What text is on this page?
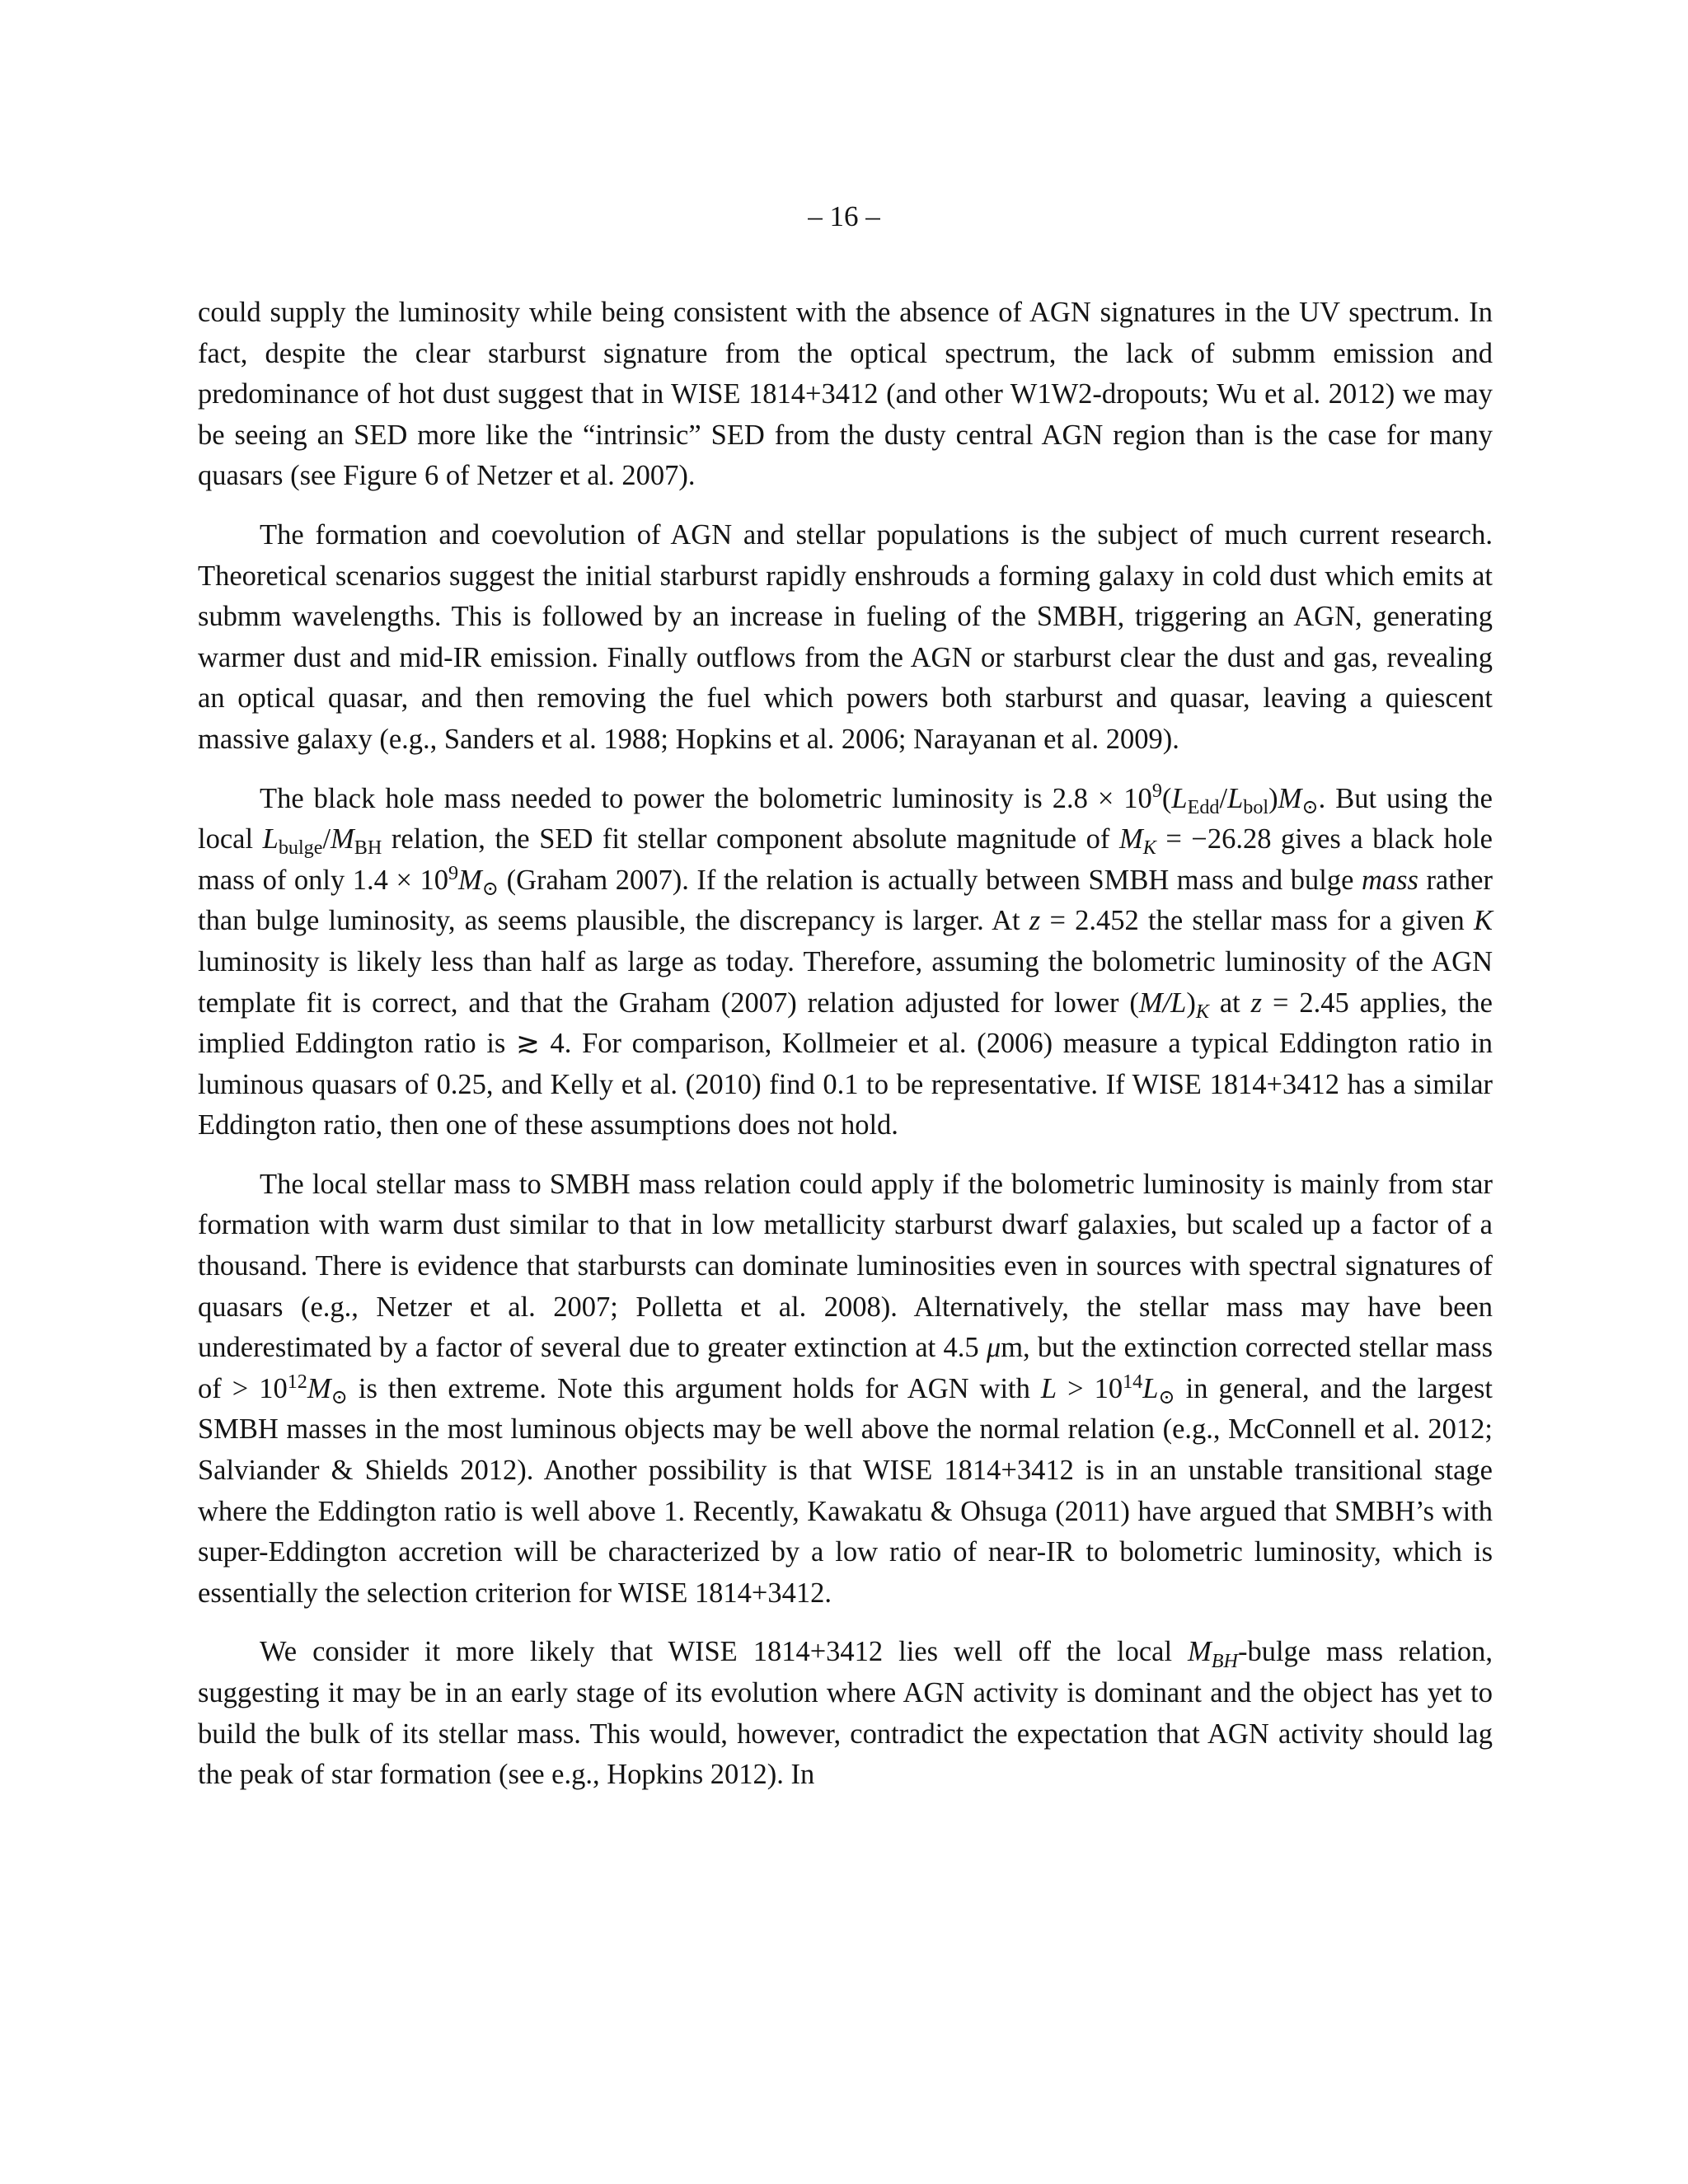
– 16 –

could supply the luminosity while being consistent with the absence of AGN signatures in the UV spectrum. In fact, despite the clear starburst signature from the optical spectrum, the lack of submm emission and predominance of hot dust suggest that in WISE 1814+3412 (and other W1W2-dropouts; Wu et al. 2012) we may be seeing an SED more like the “intrinsic” SED from the dusty central AGN region than is the case for many quasars (see Figure 6 of Netzer et al. 2007).

The formation and coevolution of AGN and stellar populations is the subject of much current research. Theoretical scenarios suggest the initial starburst rapidly enshrouds a forming galaxy in cold dust which emits at submm wavelengths. This is followed by an increase in fueling of the SMBH, triggering an AGN, generating warmer dust and mid-IR emission. Finally outflows from the AGN or starburst clear the dust and gas, revealing an optical quasar, and then removing the fuel which powers both starburst and quasar, leaving a quiescent massive galaxy (e.g., Sanders et al. 1988; Hopkins et al. 2006; Narayanan et al. 2009).

The black hole mass needed to power the bolometric luminosity is $2.8 \times 10^9(L_{Edd}/L_{bol})M_⊙$. But using the local $L_{bulge}/M_{BH}$ relation, the SED fit stellar component absolute magnitude of $M_K = -26.28$ gives a black hole mass of only $1.4 \times 10^9M_⊙$ (Graham 2007). If the relation is actually between SMBH mass and bulge mass rather than bulge luminosity, as seems plausible, the discrepancy is larger. At z = 2.452 the stellar mass for a given K luminosity is likely less than half as large as today. Therefore, assuming the bolometric luminosity of the AGN template fit is correct, and that the Graham (2007) relation adjusted for lower $(M/L)_K$ at z = 2.45 applies, the implied Eddington ratio is ≳ 4. For comparison, Kollmeier et al. (2006) measure a typical Eddington ratio in luminous quasars of 0.25, and Kelly et al. (2010) find 0.1 to be representative. If WISE 1814+3412 has a similar Eddington ratio, then one of these assumptions does not hold.

The local stellar mass to SMBH mass relation could apply if the bolometric luminosity is mainly from star formation with warm dust similar to that in low metallicity starburst dwarf galaxies, but scaled up a factor of a thousand. There is evidence that starbursts can dominate luminosities even in sources with spectral signatures of quasars (e.g., Netzer et al. 2007; Polletta et al. 2008). Alternatively, the stellar mass may have been underestimated by a factor of several due to greater extinction at 4.5 μm, but the extinction corrected stellar mass of > $10^{12}M_⊙$ is then extreme. Note this argument holds for AGN with $L > 10^{14}L_⊙$ in general, and the largest SMBH masses in the most luminous objects may be well above the normal relation (e.g., McConnell et al. 2012; Salviander & Shields 2012). Another possibility is that WISE 1814+3412 is in an unstable transitional stage where the Eddington ratio is well above 1. Recently, Kawakatu & Ohsuga (2011) have argued that SMBH’s with super-Eddington accretion will be characterized by a low ratio of near-IR to bolometric luminosity, which is essentially the selection criterion for WISE 1814+3412.

We consider it more likely that WISE 1814+3412 lies well off the local $M_{BH}$-bulge mass relation, suggesting it may be in an early stage of its evolution where AGN activity is dominant and the object has yet to build the bulk of its stellar mass. This would, however, contradict the expectation that AGN activity should lag the peak of star formation (see e.g., Hopkins 2012). In
